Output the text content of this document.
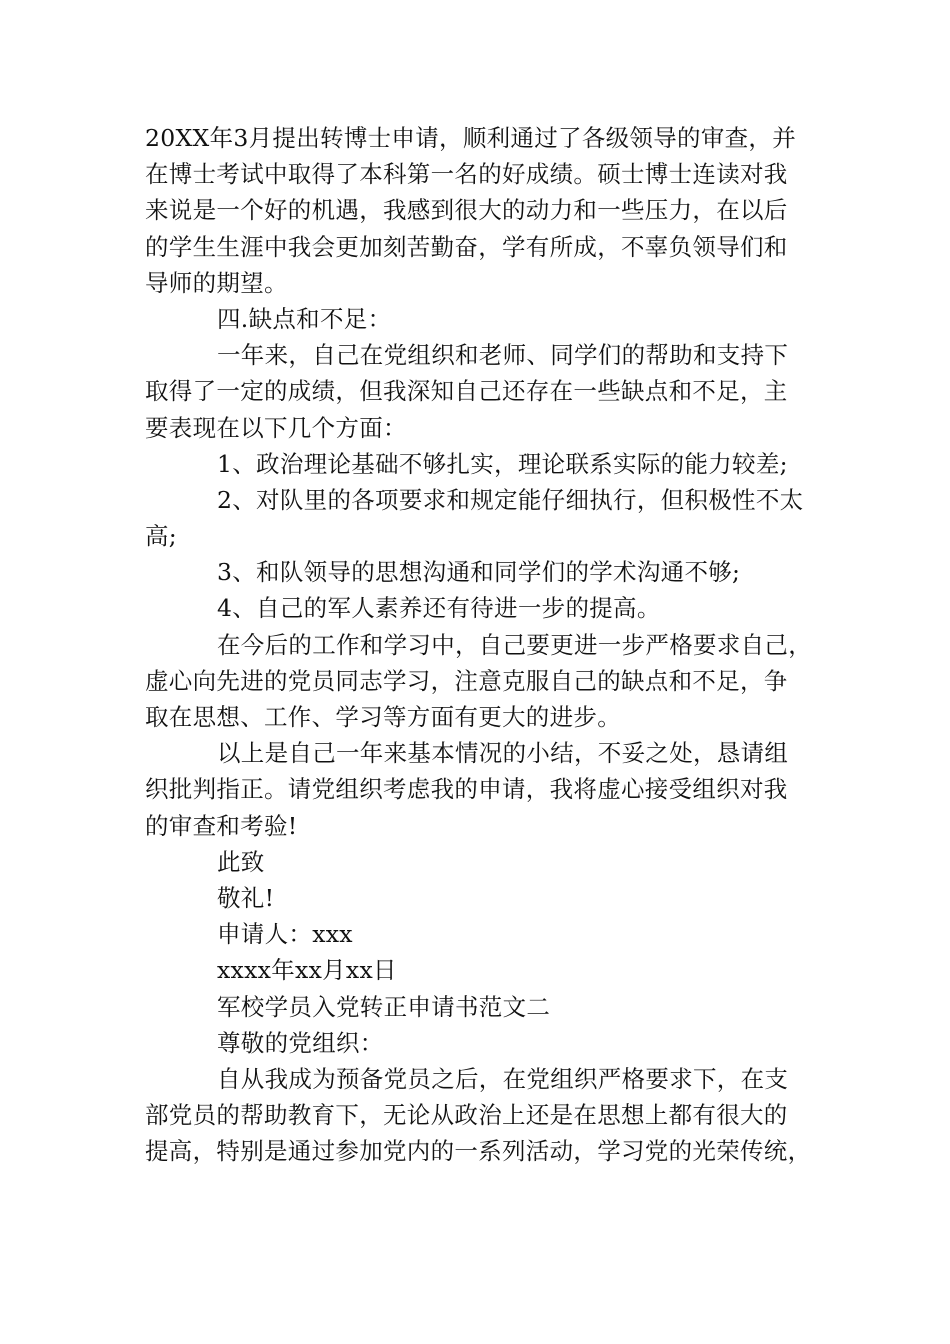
20XX年3月提出转博士申请，顺利通过了各级领导的审查，并
在博士考试中取得了本科第一名的好成绩。硕士博士连读对我
来说是一个好的机遇，我感到很大的动力和一些压力，在以后
的学生生涯中我会更加刻苦勤奋，学有所成，不辜负领导们和
导师的期望。
四.缺点和不足：
一年来，自己在党组织和老师、同学们的帮助和支持下
取得了一定的成绩，但我深知自己还存在一些缺点和不足，主
要表现在以下几个方面：
1、政治理论基础不够扎实，理论联系实际的能力较差;
2、对队里的各项要求和规定能仔细执行，但积极性不太
高;
3、和队领导的思想沟通和同学们的学术沟通不够;
4、自己的军人素养还有待进一步的提高。
在今后的工作和学习中，自己要更进一步严格要求自己，
虚心向先进的党员同志学习，注意克服自己的缺点和不足，争
取在思想、工作、学习等方面有更大的进步。
以上是自己一年来基本情况的小结，不妥之处，恳请组
织批判指正。请党组织考虑我的申请，我将虚心接受组织对我
的审查和考验!
此致
敬礼!
申请人：xxx
xxxx年xx月xx日
军校学员入党转正申请书范文二
尊敬的党组织：
自从我成为预备党员之后，在党组织严格要求下，在支
部党员的帮助教育下，无论从政治上还是在思想上都有很大的
提高，特别是通过参加党内的一系列活动，学习党的光荣传统，
